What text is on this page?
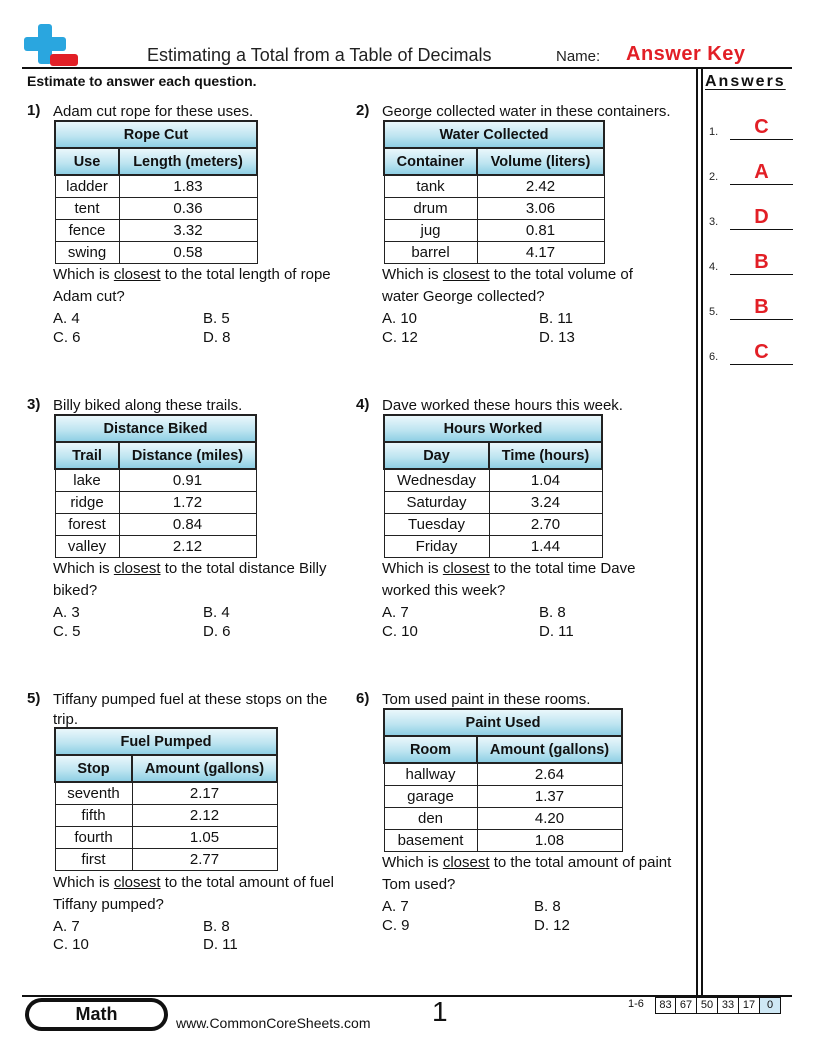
Estimating a Total from a Table of Decimals	Name: Answer Key
Estimate to answer each question.	Answers
1.	C
2.	A
3.	D
4.	B
5.	B
6.	C
1) Adam cut rope for these uses.
Rope Cut	
Use	Length (meters)
ladder	1.83
tent	0.36
fence	3.32
swing	0.58
Which is closest to the total length of rope Adam cut?
A. 4	B. 5
C. 6	D. 8
2) George collected water in these containers.
Water Collected	
Container	Volume (liters)
tank	2.42
drum	3.06
jug	0.81
barrel	4.17
Which is closest to the total volume of water George collected?
A. 10	B. 11
C. 12	D. 13
3) Billy biked along these trails.
Distance Biked	
Trail	Distance (miles)
lake	0.91
ridge	1.72
forest	0.84
valley	2.12
Which is closest to the total distance Billy biked?
A. 3	B. 4
C. 5	D. 6
4) Dave worked these hours this week.
Hours Worked	
Day	Time (hours)
Wednesday	1.04
Saturday	3.24
Tuesday	2.70
Friday	1.44
Which is closest to the total time Dave worked this week?
A. 7	B. 8
C. 10	D. 11
5) Tiffany pumped fuel at these stops on the trip.
Fuel Pumped	
Stop	Amount (gallons)
seventh	2.17
fifth	2.12
fourth	1.05
first	2.77
Which is closest to the total amount of fuel Tiffany pumped?
A. 7	B. 8
C. 10	D. 11
6) Tom used paint in these rooms.
Paint Used	
Room	Amount (gallons)
hallway	2.64
garage	1.37
den	4.20
basement	1.08
Which is closest to the total amount of paint Tom used?
A. 7	B. 8
C. 9	D. 12
Math	www.CommonCoreSheets.com 1	1-6	83 67 50 33 17	0
